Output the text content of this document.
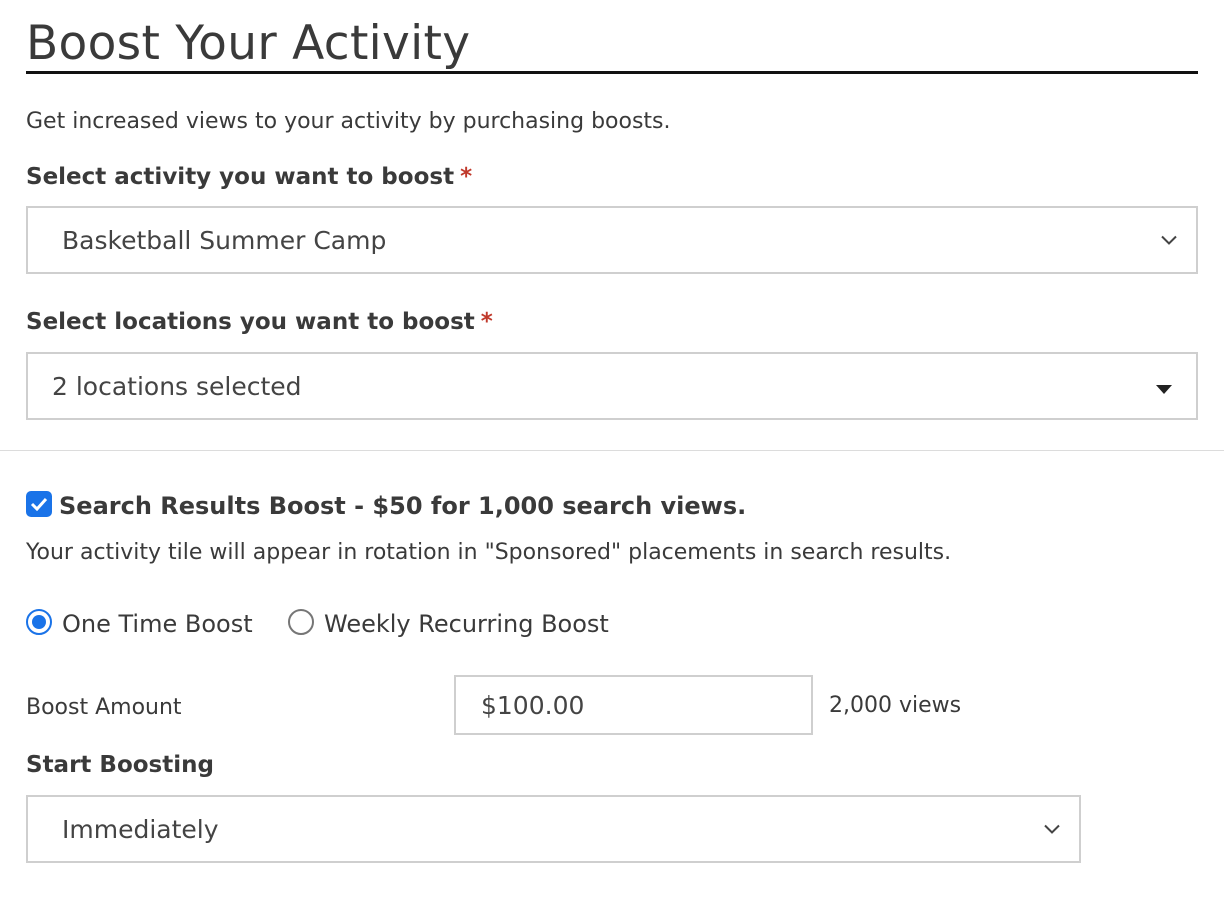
Boost Your Activity
Get increased views to your activity by purchasing boosts.
Select activity you want to boost *
Basketball Summer Camp
Select locations you want to boost *
2 locations selected
Search Results Boost - $50 for 1,000 search views.
Your activity tile will appear in rotation in "Sponsored" placements in search results.
One Time Boost	Weekly Recurring Boost
Boost Amount	$100.00	2,000 views
Start Boosting
Immediately
